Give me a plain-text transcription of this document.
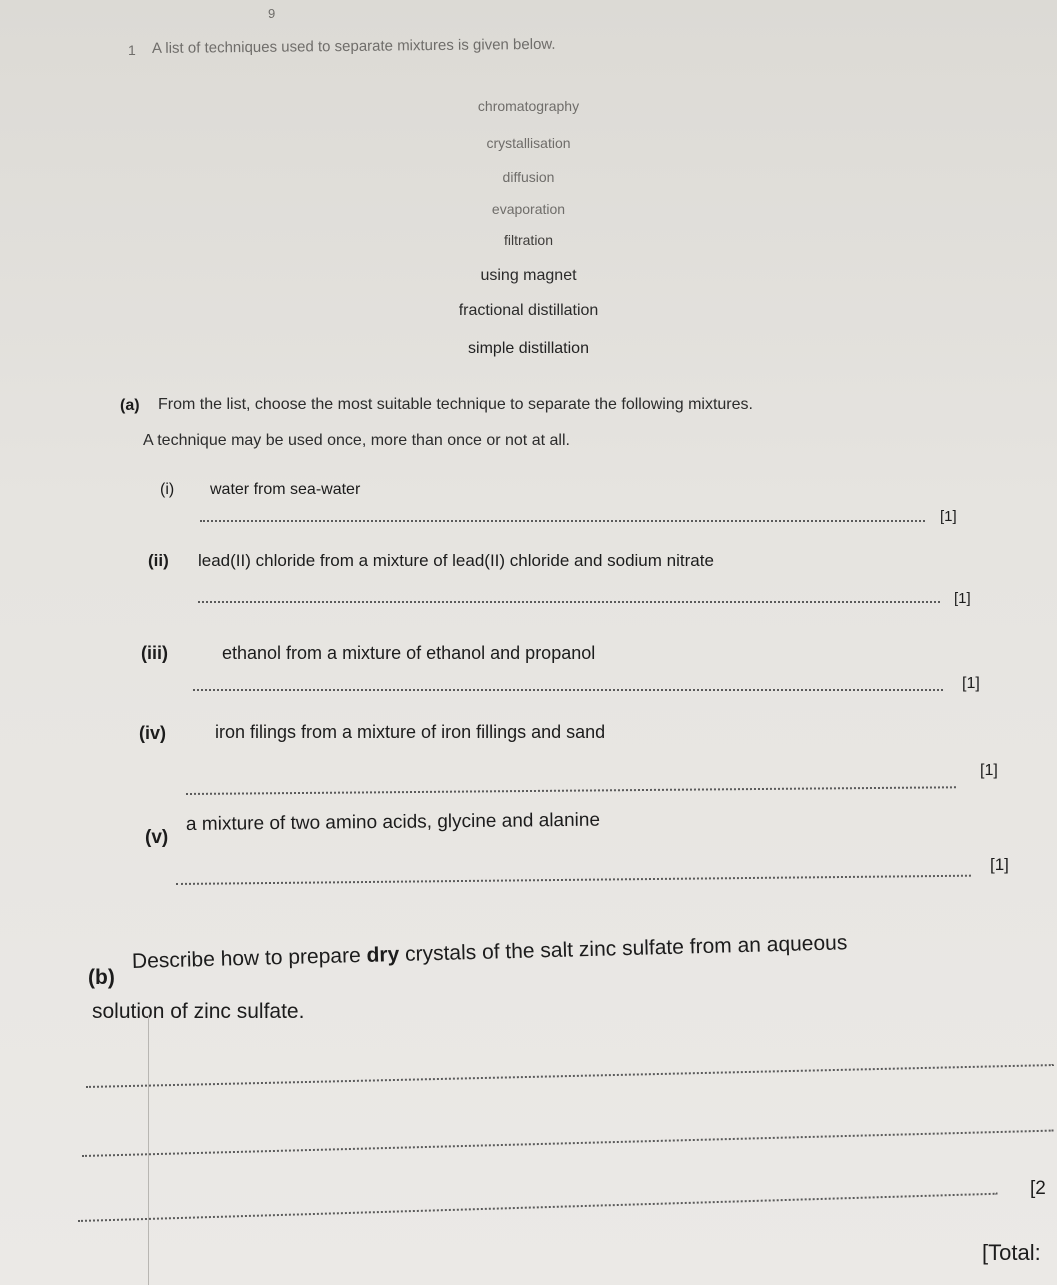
9
1 A list of techniques used to separate mixtures is given below.
chromatography
crystallisation
diffusion
evaporation
filtration
using magnet
fractional distillation
simple distillation
(a) From the list, choose the most suitable technique to separate the following mixtures.
A technique may be used once, more than once or not at all.
(i) water from sea-water
[1]
(ii) lead(II) chloride from a mixture of lead(II) chloride and sodium nitrate
[1]
(iii)	ethanol from a mixture of ethanol and propanol
[1]
(iv)	iron filings from a mixture of iron fillings and sand
[1]
(v)
a mixture of two amino acids, glycine and alanine
[1]
(b)
Describe how to prepare dry crystals of the salt zinc sulfate from an aqueous
solution of zinc sulfate.
[2
[Total:
